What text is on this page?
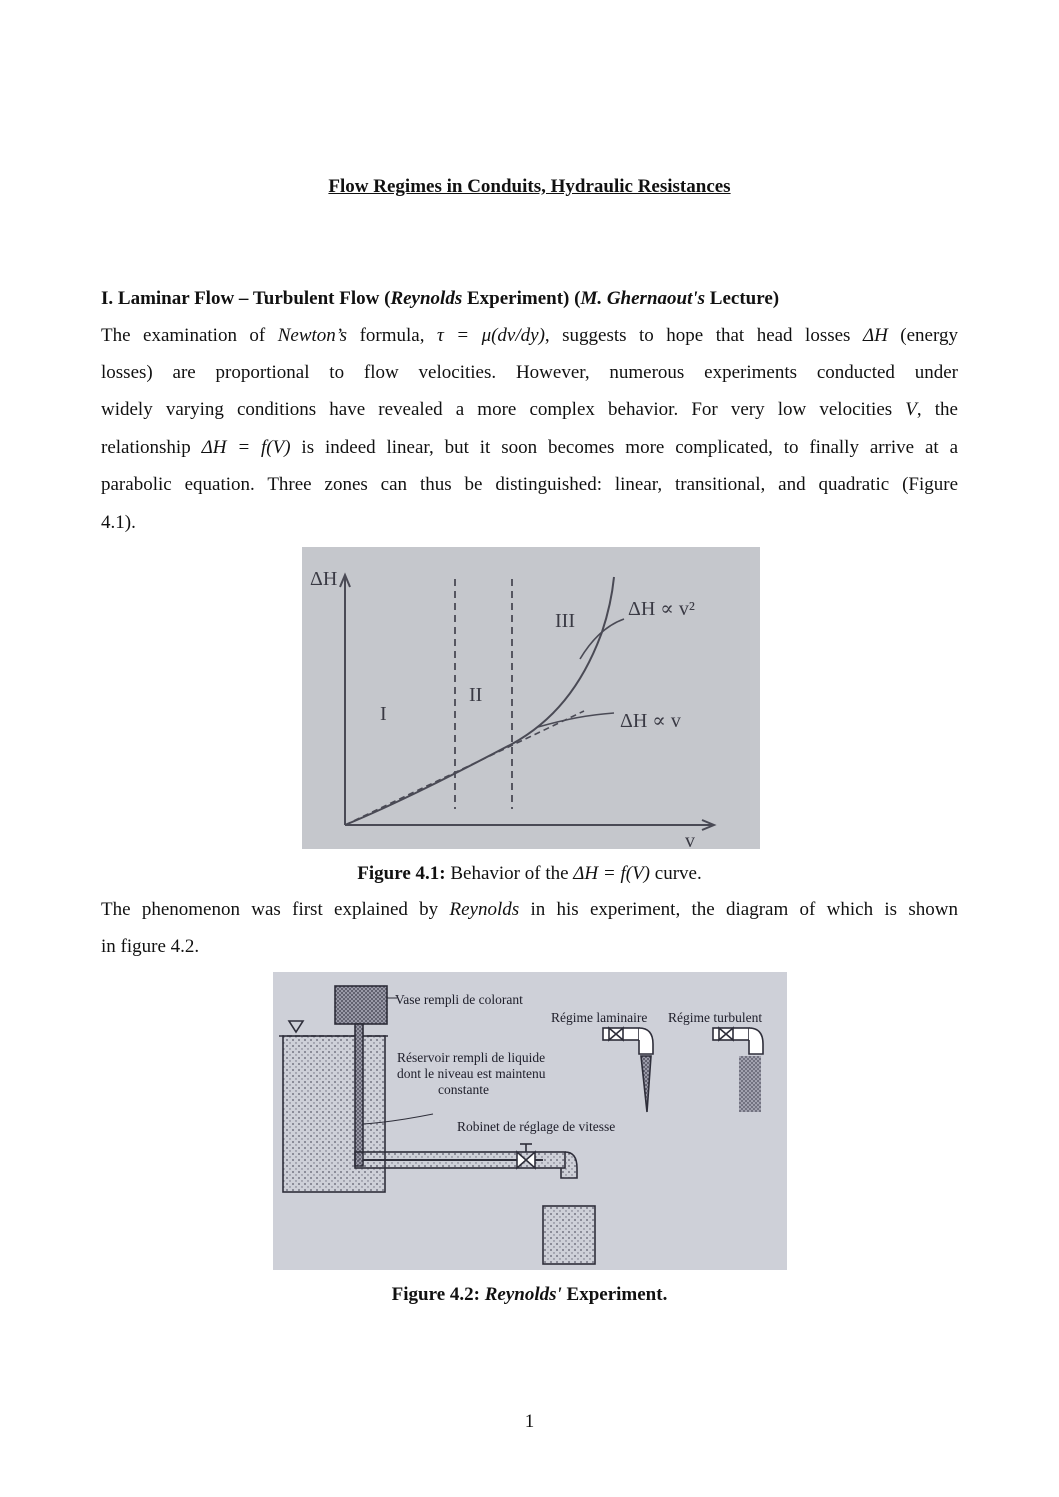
Flow Regimes in Conduits, Hydraulic Resistances
I. Laminar Flow – Turbulent Flow (Reynolds Experiment) (M. Ghernaout's Lecture)
The examination of Newton’s formula, τ = μ(dv/dy), suggests to hope that head losses ΔH (energy
losses) are proportional to flow velocities. However, numerous experiments conducted under
widely varying conditions have revealed a more complex behavior. For very low velocities V, the
relationship ΔH = f(V) is indeed linear, but it soon becomes more complicated, to finally arrive at a
parabolic equation. Three zones can thus be distinguished: linear, transitional, and quadratic (Figure
4.1).
ΔH
v
I
II
III
ΔH ∝ v²
ΔH ∝ v
Figure 4.1: Behavior of the ΔH = f(V) curve.
The phenomenon was first explained by Reynolds in his experiment, the diagram of which is shown
in figure 4.2.
Vase rempli de colorant
Régime laminaire Régime turbulent
Réservoir rempli de liquide
dont le niveau est maintenu
constante
Robinet de réglage de vitesse
Figure 4.2: Reynolds' Experiment.
1
